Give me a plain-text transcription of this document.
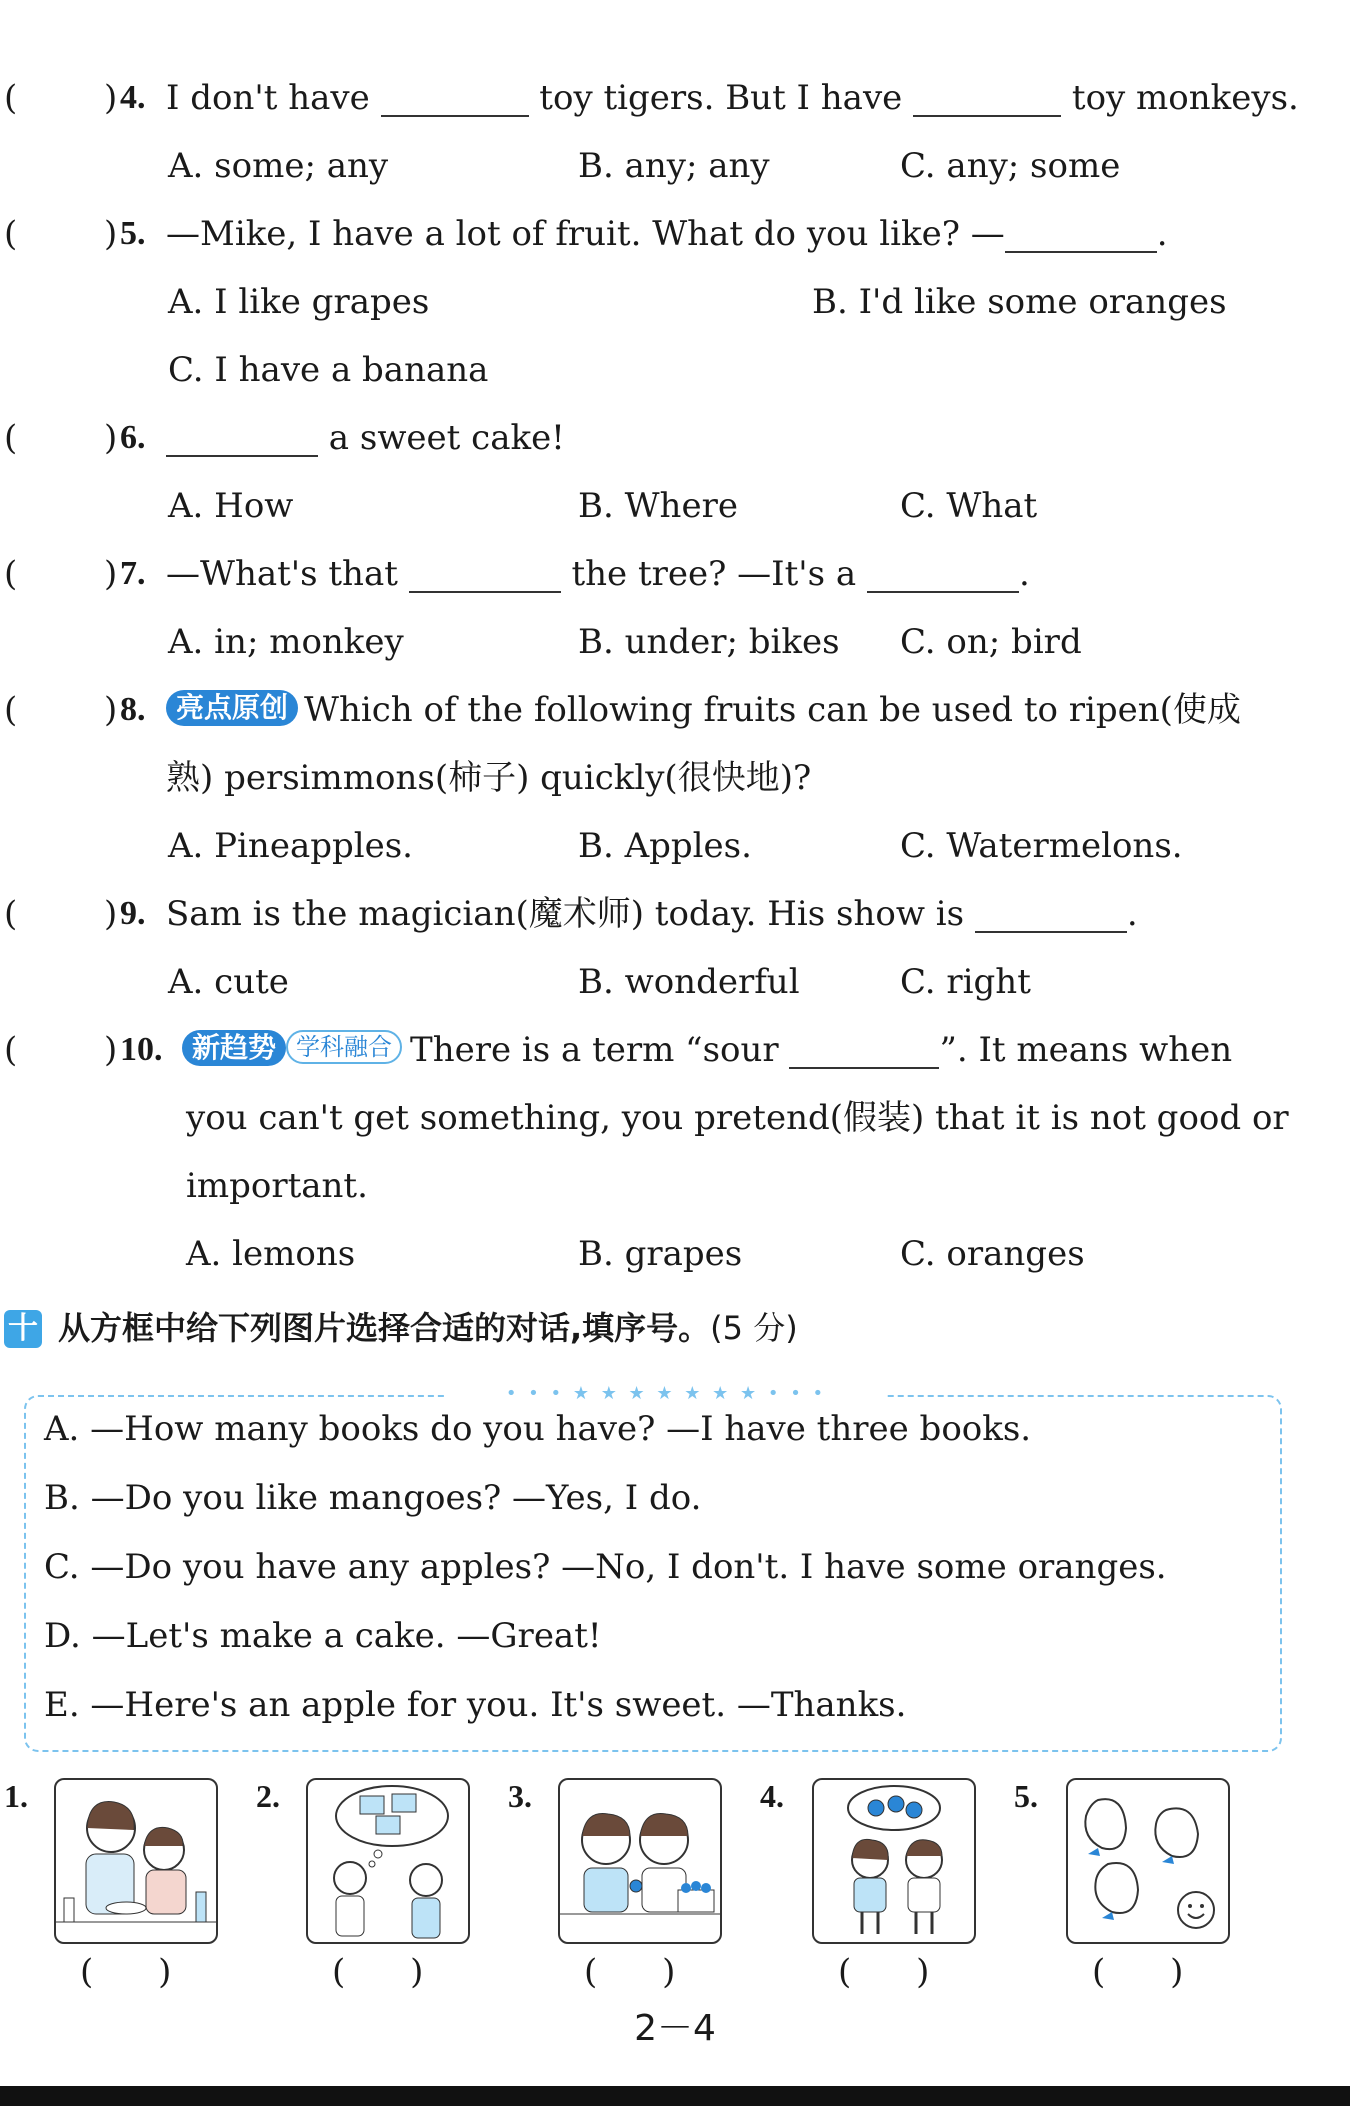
(	) 4. I don't have	toy tigers. But I have	toy monkeys.
A. some; any	B. any; any	C. any; some
(	) 5. —Mike, I have a lot of fruit. What do you like? —	.
A. I like grapes	B. I'd like some oranges
C. I have a banana
(	) 6.	a sweet cake!
A. How	B. Where	C. What
(	) 7. —What's that	the tree? —It's a	.
A. in; monkey	B. under; bikes C. on; bird
(	) 8.	亮点原创 Which of the following fruits can be used to ripen(使成
熟) persimmons(柿子) quickly(很快地)?
A. Pineapples.	B. Apples.	C. Watermelons.
(	) 9. Sam is the magician(魔术师) today. His show is	.
A. cute	B. wonderful	C. right
(	) 10.	新趋势 学科融合 There is a term “sour	”. It means when
you can't get something, you pretend(假装) that it is not good or
important.
A. lemons	B. grapes	C. oranges
十 从方框中给下列图片选择合适的对话,填序号。(5 分)
• • • ★ ★ ★ ★ ★ ★ ★ • • •
A. —How many books do you have? —I have three books.
B. —Do you like mangoes? —Yes, I do.
C. —Do you have any apples? —No, I don't. I have some oranges.
D. —Let's make a cake. —Great!
E. —Here's an apple for you. It's sweet. —Thanks.
1.
(      )
2.
(      )
3.
(      )
4.
(      )
5.
(      )
2－4
